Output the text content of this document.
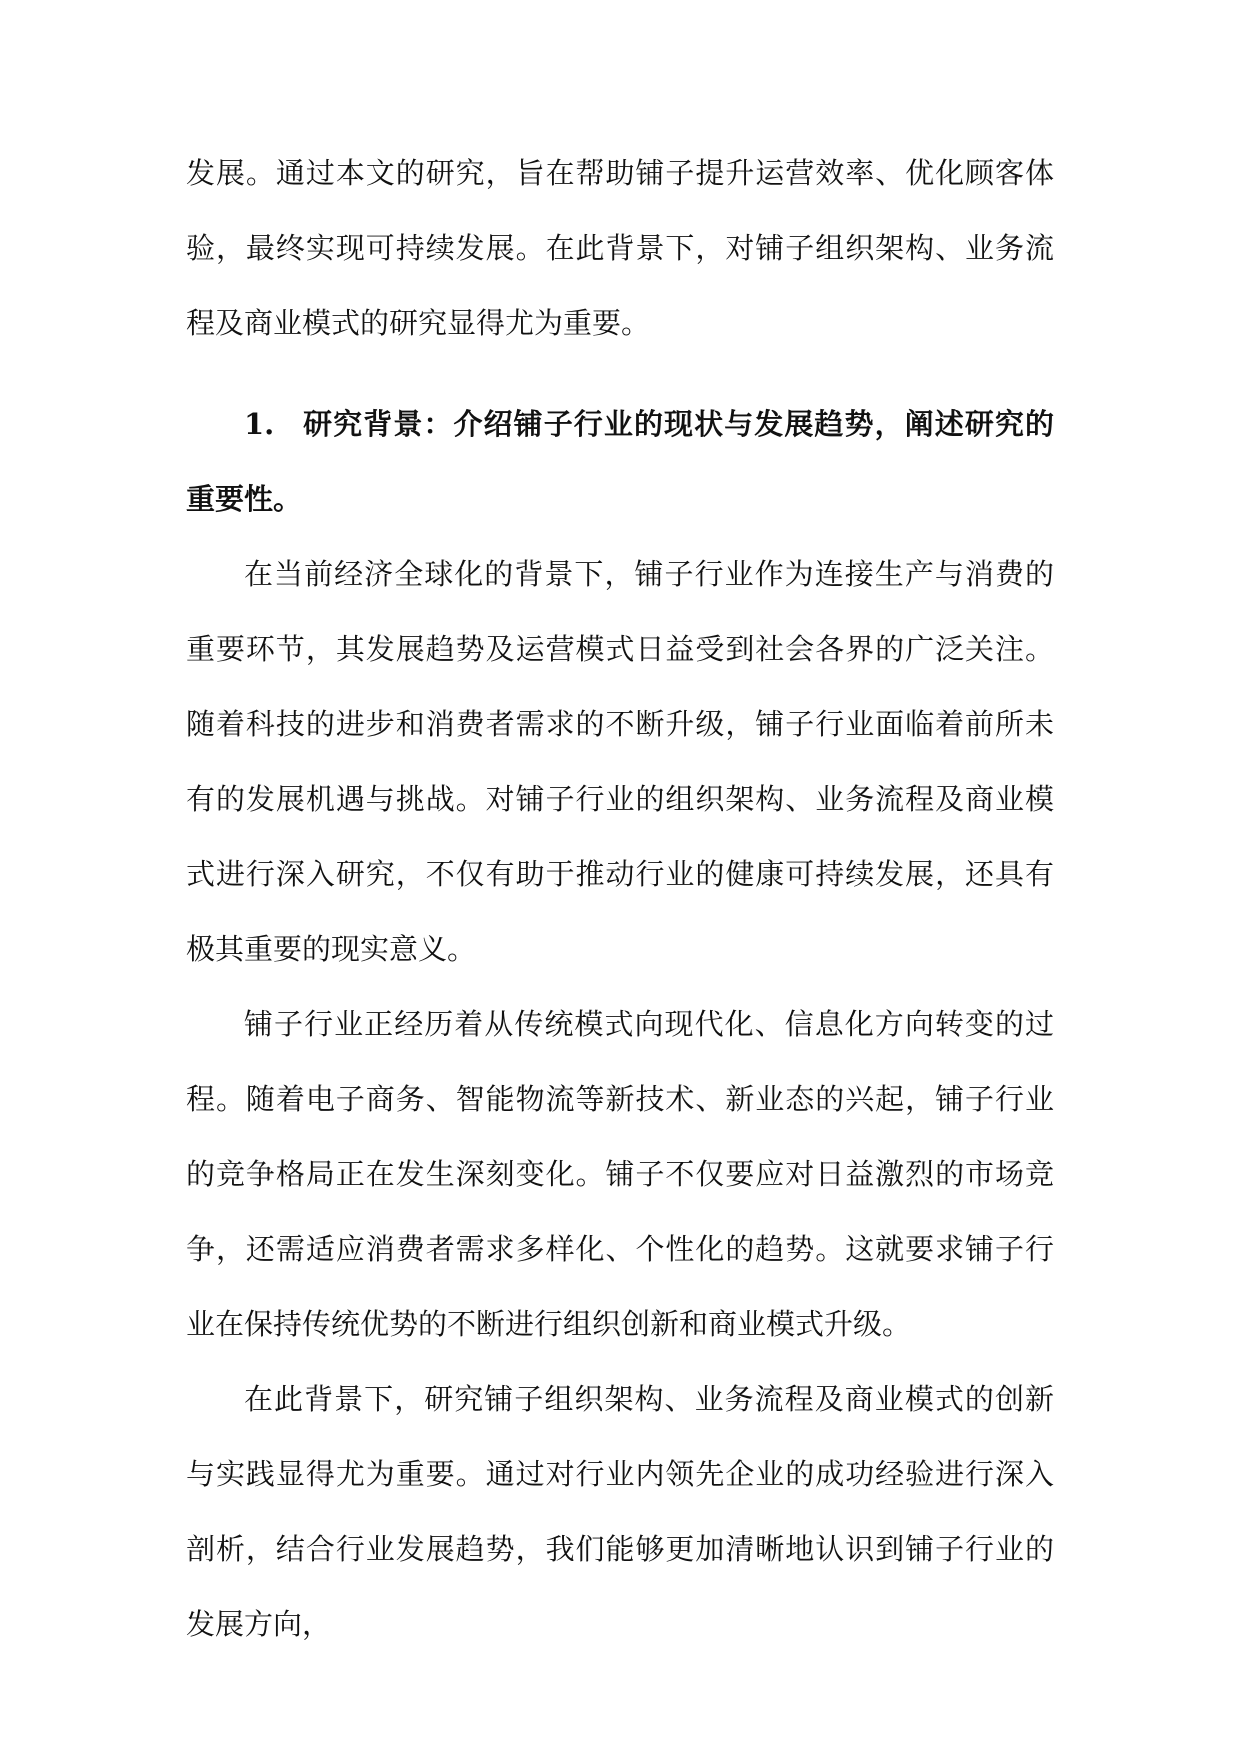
发展。通过本文的研究，旨在帮助铺子提升运营效率、优化顾客体验，最终实现可持续发展。在此背景下，对铺子组织架构、业务流程及商业模式的研究显得尤为重要。

1. 研究背景：介绍铺子行业的现状与发展趋势，阐述研究的重要性。

在当前经济全球化的背景下，铺子行业作为连接生产与消费的重要环节，其发展趋势及运营模式日益受到社会各界的广泛关注。随着科技的进步和消费者需求的不断升级，铺子行业面临着前所未有的发展机遇与挑战。对铺子行业的组织架构、业务流程及商业模式进行深入研究，不仅有助于推动行业的健康可持续发展，还具有极其重要的现实意义。

铺子行业正经历着从传统模式向现代化、信息化方向转变的过程。随着电子商务、智能物流等新技术、新业态的兴起，铺子行业的竞争格局正在发生深刻变化。铺子不仅要应对日益激烈的市场竞争，还需适应消费者需求多样化、个性化的趋势。这就要求铺子行业在保持传统优势的不断进行组织创新和商业模式升级。

在此背景下，研究铺子组织架构、业务流程及商业模式的创新与实践显得尤为重要。通过对行业内领先企业的成功经验进行深入剖析，结合行业发展趋势，我们能够更加清晰地认识到铺子行业的发展方向，
